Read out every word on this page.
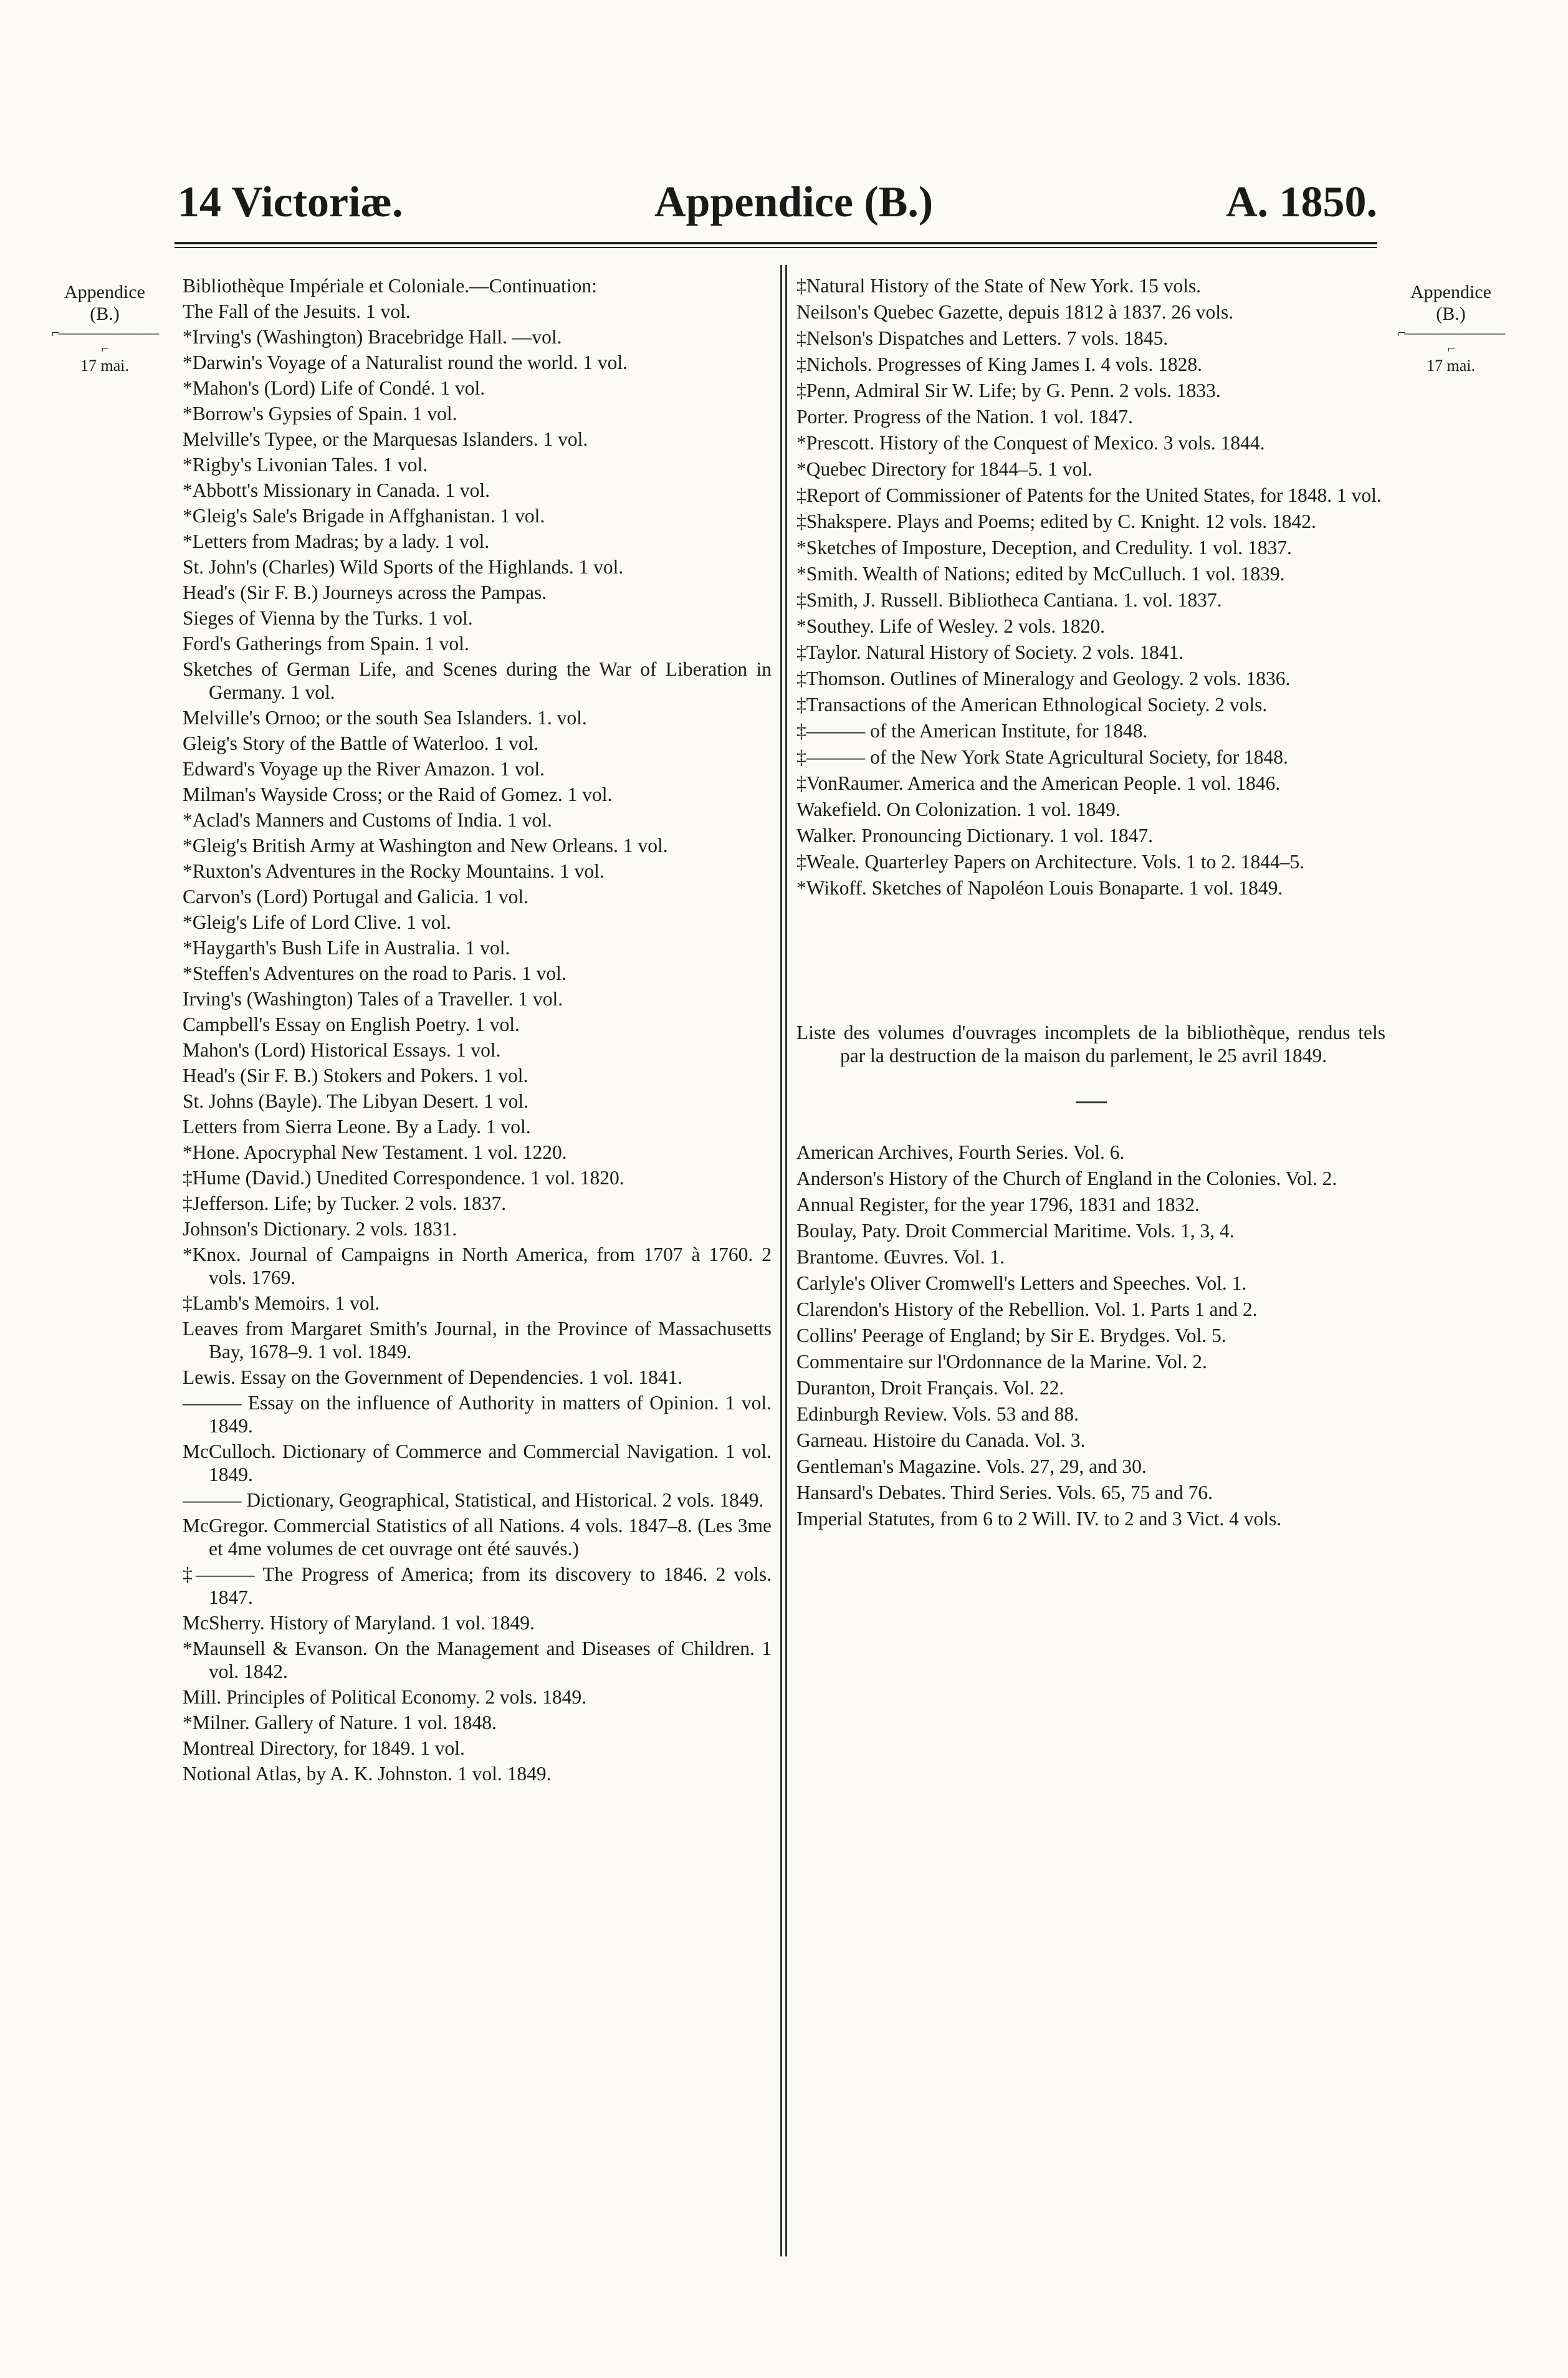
14 Victoriæ.	Appendice (B.)	A. 1850.
Appendice
(B.)
⌐————————⌐
17 mai.
Appendice
(B.)
⌐————————⌐
17 mai.
Bibliothèque Impériale et Coloniale.—Continuation:
The Fall of the Jesuits. 1 vol.
*Irving's (Washington) Bracebridge Hall. —vol.
*Darwin's Voyage of a Naturalist round the world. 1 vol.
*Mahon's (Lord) Life of Condé. 1 vol.
*Borrow's Gypsies of Spain. 1 vol.
Melville's Typee, or the Marquesas Islanders. 1 vol.
*Rigby's Livonian Tales. 1 vol.
*Abbott's Missionary in Canada. 1 vol.
*Gleig's Sale's Brigade in Affghanistan. 1 vol.
*Letters from Madras; by a lady. 1 vol.
St. John's (Charles) Wild Sports of the Highlands. 1 vol.
Head's (Sir F. B.) Journeys across the Pampas.
Sieges of Vienna by the Turks. 1 vol.
Ford's Gatherings from Spain. 1 vol.
Sketches of German Life, and Scenes during the War of Liberation in Germany. 1 vol.
Melville's Ornoo; or the south Sea Islanders. 1. vol.
Gleig's Story of the Battle of Waterloo. 1 vol.
Edward's Voyage up the River Amazon. 1 vol.
Milman's Wayside Cross; or the Raid of Gomez. 1 vol.
*Aclad's Manners and Customs of India. 1 vol.
*Gleig's British Army at Washington and New Orleans. 1 vol.
*Ruxton's Adventures in the Rocky Mountains. 1 vol.
Carvon's (Lord) Portugal and Galicia. 1 vol.
*Gleig's Life of Lord Clive. 1 vol.
*Haygarth's Bush Life in Australia. 1 vol.
*Steffen's Adventures on the road to Paris. 1 vol.
Irving's (Washington) Tales of a Traveller. 1 vol.
Campbell's Essay on English Poetry. 1 vol.
Mahon's (Lord) Historical Essays. 1 vol.
Head's (Sir F. B.) Stokers and Pokers. 1 vol.
St. Johns (Bayle). The Libyan Desert. 1 vol.
Letters from Sierra Leone. By a Lady. 1 vol.
*Hone. Apocryphal New Testament. 1 vol. 1220.
‡Hume (David.) Unedited Correspondence. 1 vol. 1820.
‡Jefferson. Life; by Tucker. 2 vols. 1837.
Johnson's Dictionary. 2 vols. 1831.
*Knox. Journal of Campaigns in North America, from 1707 à 1760. 2 vols. 1769.
‡Lamb's Memoirs. 1 vol.
Leaves from Margaret Smith's Journal, in the Province of Massachusetts Bay, 1678–9. 1 vol. 1849.
Lewis. Essay on the Government of Dependencies. 1 vol. 1841.
——— Essay on the influence of Authority in matters of Opinion. 1 vol. 1849.
McCulloch. Dictionary of Commerce and Commercial Navigation. 1 vol. 1849.
——— Dictionary, Geographical, Statistical, and Historical. 2 vols. 1849.
McGregor. Commercial Statistics of all Nations. 4 vols. 1847–8. (Les 3me et 4me volumes de cet ouvrage ont été sauvés.)
‡——— The Progress of America; from its discovery to 1846. 2 vols. 1847.
McSherry. History of Maryland. 1 vol. 1849.
*Maunsell & Evanson. On the Management and Diseases of Children. 1 vol. 1842.
Mill. Principles of Political Economy. 2 vols. 1849.
*Milner. Gallery of Nature. 1 vol. 1848.
Montreal Directory, for 1849. 1 vol.
Notional Atlas, by A. K. Johnston. 1 vol. 1849.
‡Natural History of the State of New York. 15 vols.
Neilson's Quebec Gazette, depuis 1812 à 1837. 26 vols.
‡Nelson's Dispatches and Letters. 7 vols. 1845.
‡Nichols. Progresses of King James I. 4 vols. 1828.
‡Penn, Admiral Sir W. Life; by G. Penn. 2 vols. 1833.
Porter. Progress of the Nation. 1 vol. 1847.
*Prescott. History of the Conquest of Mexico. 3 vols. 1844.
*Quebec Directory for 1844–5. 1 vol.
‡Report of Commissioner of Patents for the United States, for 1848. 1 vol.
‡Shakspere. Plays and Poems; edited by C. Knight. 12 vols. 1842.
*Sketches of Imposture, Deception, and Credulity. 1 vol. 1837.
*Smith. Wealth of Nations; edited by McCulluch. 1 vol. 1839.
‡Smith, J. Russell. Bibliotheca Cantiana. 1. vol. 1837.
*Southey. Life of Wesley. 2 vols. 1820.
‡Taylor. Natural History of Society. 2 vols. 1841.
‡Thomson. Outlines of Mineralogy and Geology. 2 vols. 1836.
‡Transactions of the American Ethnological Society. 2 vols.
‡——— of the American Institute, for 1848.
‡——— of the New York State Agricultural Society, for 1848.
‡VonRaumer. America and the American People. 1 vol. 1846.
Wakefield. On Colonization. 1 vol. 1849.
Walker. Pronouncing Dictionary. 1 vol. 1847.
‡Weale. Quarterley Papers on Architecture. Vols. 1 to 2. 1844–5.
*Wikoff. Sketches of Napoléon Louis Bonaparte. 1 vol. 1849.
Liste des volumes d'ouvrages incomplets de la bibliothèque, rendus tels par la destruction de la maison du parlement, le 25 avril 1849.
American Archives, Fourth Series. Vol. 6.
Anderson's History of the Church of England in the Colonies. Vol. 2.
Annual Register, for the year 1796, 1831 and 1832.
Boulay, Paty. Droit Commercial Maritime. Vols. 1, 3, 4.
Brantome. Œuvres. Vol. 1.
Carlyle's Oliver Cromwell's Letters and Speeches. Vol. 1.
Clarendon's History of the Rebellion. Vol. 1. Parts 1 and 2.
Collins' Peerage of England; by Sir E. Brydges. Vol. 5.
Commentaire sur l'Ordonnance de la Marine. Vol. 2.
Duranton, Droit Français. Vol. 22.
Edinburgh Review. Vols. 53 and 88.
Garneau. Histoire du Canada. Vol. 3.
Gentleman's Magazine. Vols. 27, 29, and 30.
Hansard's Debates. Third Series. Vols. 65, 75 and 76.
Imperial Statutes, from 6 to 2 Will. IV. to 2 and 3 Vict. 4 vols.
